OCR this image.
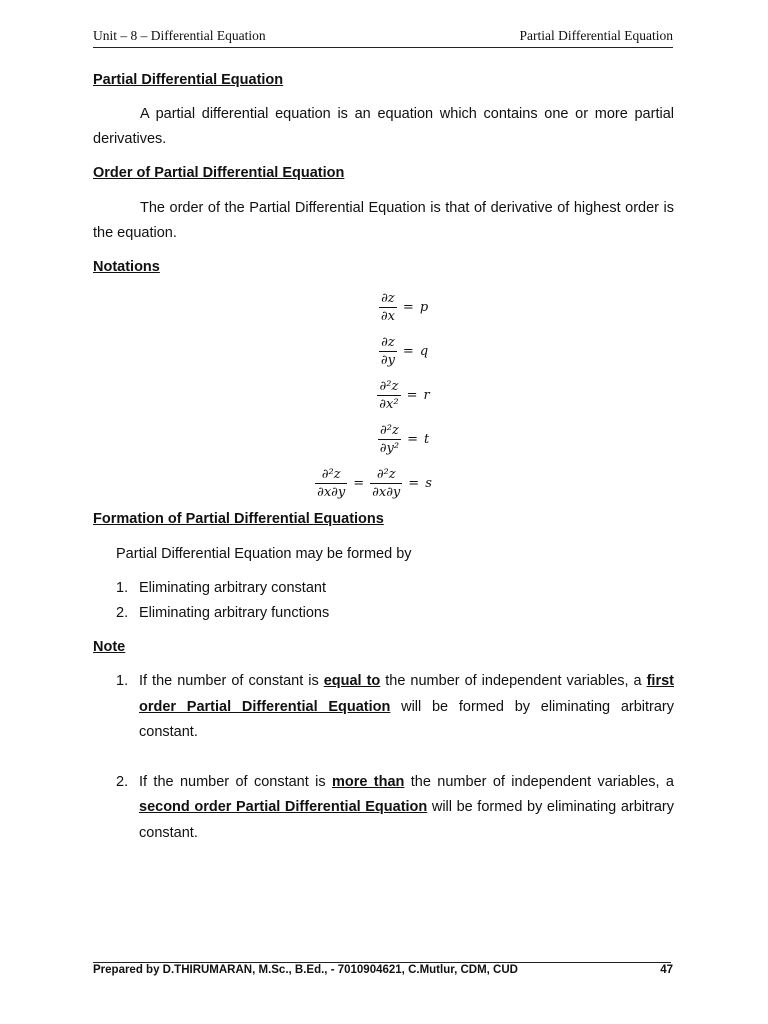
Unit – 8 – Differential Equation	Partial Differential Equation

Partial Differential Equation

A partial differential equation is an equation which contains one or more partial derivatives.

Order of Partial Differential Equation

The order of the Partial Differential Equation is that of derivative of highest order is the equation.

Notations

$\frac{\partial z}{\partial x} = p$
$\frac{\partial z}{\partial y} = q$
$\frac{\text{∂²z}}{\text{∂x²}} = r$
$\frac{\text{∂²z}}{\text{∂y²}} = t$
$\frac{\text{∂²z}}{\partial x\partial y} = \frac{\text{∂²z}}{\partial x\partial y} = s$

Formation of Partial Differential Equations

Partial Differential Equation may be formed by

1. Eliminating arbitrary constant
2. Eliminating arbitrary functions

Note

1. If the number of constant is equal to the number of independent variables, a first order Partial Differential Equation will be formed by eliminating arbitrary constant.
2. If the number of constant is more than the number of independent variables, a second order Partial Differential Equation will be formed by eliminating arbitrary constant.
Prepared by D.THIRUMARAN, M.Sc., B.Ed., - 7010904621, C.Mutlur, CDM, CUD	47
